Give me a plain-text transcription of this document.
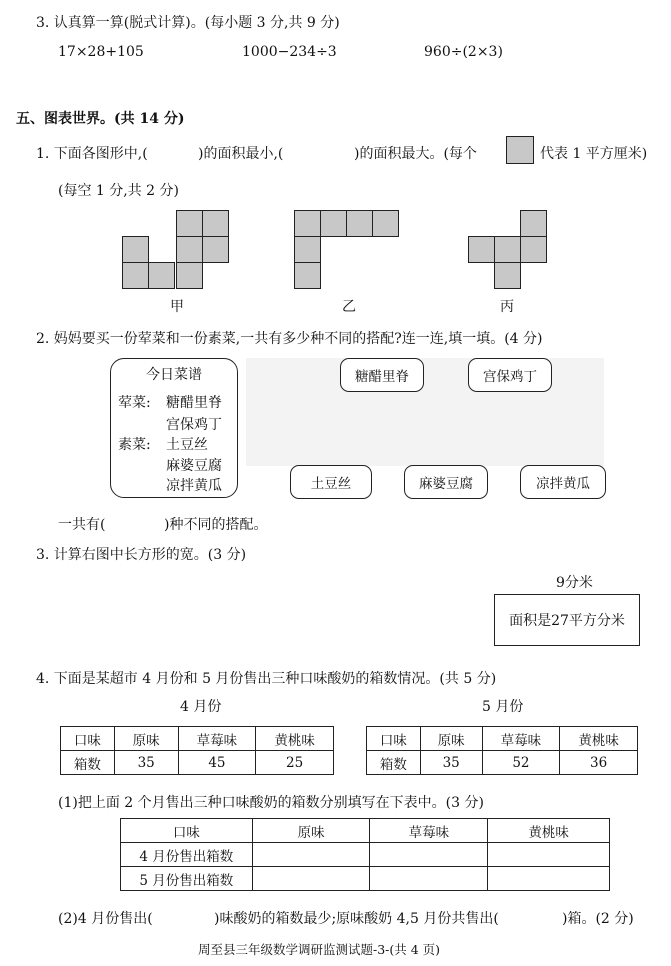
3. 认真算一算(脱式计算)。(每小题 3 分,共 9 分)
17×28+105	1000−234÷3	960÷(2×3)
五、图表世界。(共 14 分)
1. 下面各图形中,(	)的面积最小,(	)的面积最大。(每个	代表 1 平方厘米)
(每空 1 分,共 2 分)
甲	乙	丙
2. 妈妈要买一份荤菜和一份素菜,一共有多少种不同的搭配?连一连,填一填。(4 分)
今日菜谱
荤菜: 糖醋里脊
宫保鸡丁
素菜: 土豆丝
麻婆豆腐
凉拌黄瓜
糖醋里脊	宫保鸡丁
土豆丝	麻婆豆腐	凉拌黄瓜
一共有(	)种不同的搭配。
3. 计算右图中长方形的宽。(3 分)
9分米
面积是27平方分米
4. 下面是某超市 4 月份和 5 月份售出三种口味酸奶的箱数情况。(共 5 分)
4 月份	5 月份
口味	原味	草莓味	黄桃味
箱数	35	45	25
口味	原味	草莓味	黄桃味
箱数	35	52	36
(1)把上面 2 个月售出三种口味酸奶的箱数分别填写在下表中。(3 分)
口味	原味	草莓味	黄桃味
4 月份售出箱数			
5 月份售出箱数			
(2)4 月份售出(	)味酸奶的箱数最少;原味酸奶 4,5 月份共售出(	)箱。(2 分)
周至县三年级数学调研监测试题-3-(共 4 页)
